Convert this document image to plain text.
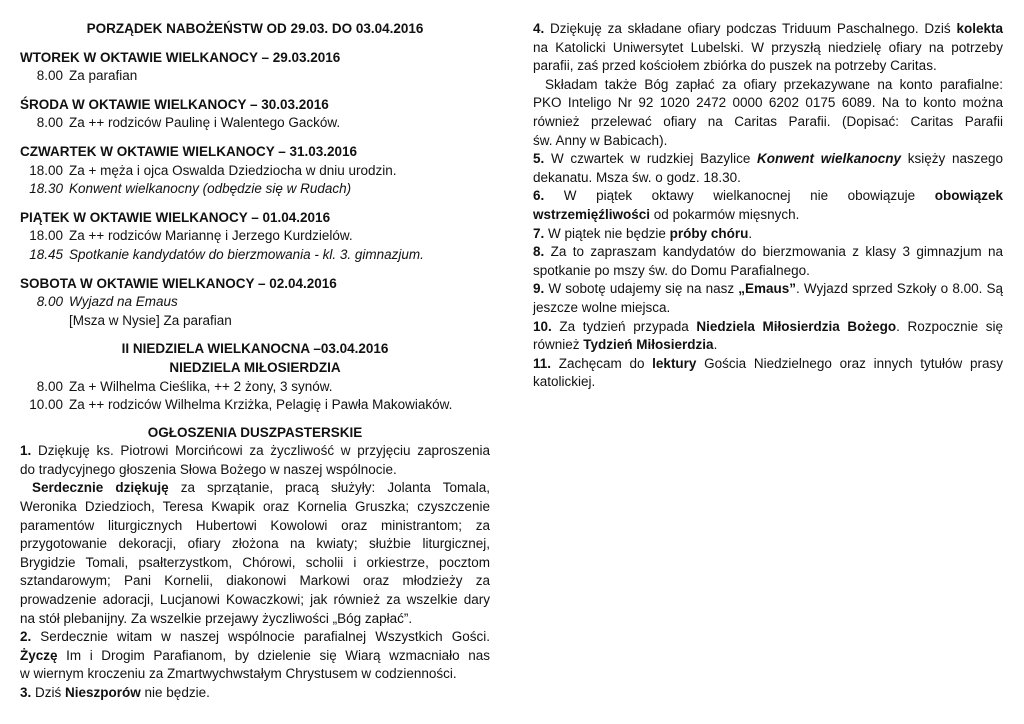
PORZĄDEK NABOŻEŃSTW OD 29.03. DO 03.04.2016
WTOREK W OKTAWIE WIELKANOCY – 29.03.2016
8.00 Za parafian
ŚRODA W OKTAWIE WIELKANOCY – 30.03.2016
8.00 Za ++ rodziców Paulinę i Walentego Gacków.
CZWARTEK W OKTAWIE WIELKANOCY – 31.03.2016
18.00 Za + męża i ojca Oswalda Dziedziocha w dniu urodzin.
18.30 Konwent wielkanocny (odbędzie się w Rudach)
PIĄTEK W OKTAWIE WIELKANOCY – 01.04.2016
18.00 Za ++ rodziców Mariannę i Jerzego Kurdzielów.
18.45 Spotkanie kandydatów do bierzmowania - kl. 3. gimnazjum.
SOBOTA W OKTAWIE WIELKANOCY – 02.04.2016
8.00 Wyjazd na Emaus
[Msza w Nysie] Za parafian
II NIEDZIELA WIELKANOCNA –03.04.2016
NIEDZIELA MIŁOSIERDZIA
8.00 Za + Wilhelma Cieślika, ++ 2 żony, 3 synów.
10.00 Za ++ rodziców Wilhelma Krziżka, Pelagię i Pawła Makowiaków.
OGŁOSZENIA DUSZPASTERSKIE
1. Dziękuję ks. Piotrowi Morcińcowi za życzliwość w przyjęciu zaproszenia
do tradycyjnego głoszenia Słowa Bożego w naszej wspólnocie.
Serdecznie dziękuję za sprzątanie, pracą służyły: Jolanta Tomala,
Weronika Dziedzioch, Teresa Kwapik oraz Kornelia Gruszka; czyszczenie
paramentów liturgicznych Hubertowi Kowolowi oraz ministrantom; za
przygotowanie dekoracji, ofiary złożona na kwiaty; służbie liturgicznej,
Brygidzie Tomali, psałterzystkom, Chórowi, scholii i orkiestrze, pocztom
sztandarowym; Pani Kornelii, diakonowi Markowi oraz młodzieży za
prowadzenie adoracji, Lucjanowi Kowaczkowi; jak również za wszelkie dary
na stół plebanijny. Za wszelkie przejawy życzliwości „Bóg zapłać”.
2. Serdecznie witam w naszej wspólnocie parafialnej Wszystkich Gości.
Życzę Im i Drogim Parafianom, by dzielenie się Wiarą wzmacniało nas
w wiernym kroczeniu za Zmartwychwstałym Chrystusem w codzienności.
3. Dziś Nieszporów nie będzie.
4. Dziękuję za składane ofiary podczas Triduum Paschalnego. Dziś kolekta
na Katolicki Uniwersytet Lubelski. W przyszłą niedzielę ofiary na potrzeby
parafii, zaś przed kościołem zbiórka do puszek na potrzeby Caritas.
Składam także Bóg zapłać za ofiary przekazywane na konto parafialne:
PKO Inteligo Nr 92 1020 2472 0000 6202 0175 6089. Na to konto można
również przelewać ofiary na Caritas Parafii. (Dopisać: Caritas Parafii
św. Anny w Babicach).
5. W czwartek w rudzkiej Bazylice Konwent wielkanocny księży naszego
dekanatu. Msza św. o godz. 18.30.
6. W piątek oktawy wielkanocnej nie obowiązuje obowiązek
wstrzemięźliwości od pokarmów mięsnych.
7. W piątek nie będzie próby chóru.
8. Za to zapraszam kandydatów do bierzmowania z klasy 3 gimnazjum na
spotkanie po mszy św. do Domu Parafialnego.
9. W sobotę udajemy się na nasz „Emaus”. Wyjazd sprzed Szkoły o 8.00. Są
jeszcze wolne miejsca.
10. Za tydzień przypada Niedziela Miłosierdzia Bożego. Rozpocznie się
również Tydzień Miłosierdzia.
11. Zachęcam do lektury Gościa Niedzielnego oraz innych tytułów prasy
katolickiej.
